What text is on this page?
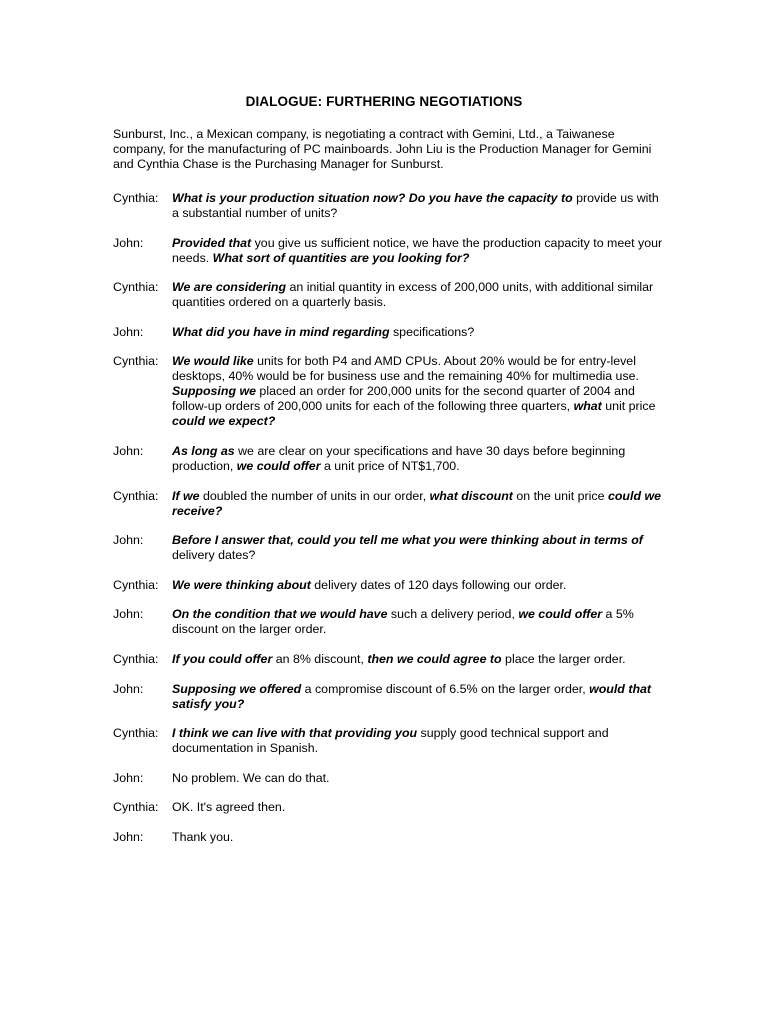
DIALOGUE: FURTHERING NEGOTIATIONS
Sunburst, Inc., a Mexican company, is negotiating a contract with Gemini, Ltd., a Taiwanese company, for the manufacturing of PC mainboards. John Liu is the Production Manager for Gemini and Cynthia Chase is the Purchasing Manager for Sunburst.
Cynthia:	What is your production situation now? Do you have the capacity to provide us with a substantial number of units?
John:	Provided that you give us sufficient notice, we have the production capacity to meet your needs. What sort of quantities are you looking for?
Cynthia:	We are considering an initial quantity in excess of 200,000 units, with additional similar quantities ordered on a quarterly basis.
John:	What did you have in mind regarding specifications?
Cynthia:	We would like units for both P4 and AMD CPUs. About 20% would be for entry-level desktops, 40% would be for business use and the remaining 40% for multimedia use. Supposing we placed an order for 200,000 units for the second quarter of 2004 and follow-up orders of 200,000 units for each of the following three quarters, what unit price could we expect?
John:	As long as we are clear on your specifications and have 30 days before beginning production, we could offer a unit price of NT$1,700.
Cynthia:	If we doubled the number of units in our order, what discount on the unit price could we receive?
John:	Before I answer that, could you tell me what you were thinking about in terms of delivery dates?
Cynthia:	We were thinking about delivery dates of 120 days following our order.
John:	On the condition that we would have such a delivery period, we could offer a 5% discount on the larger order.
Cynthia:	If you could offer an 8% discount, then we could agree to place the larger order.
John:	Supposing we offered a compromise discount of 6.5% on the larger order, would that satisfy you?
Cynthia:	I think we can live with that providing you supply good technical support and documentation in Spanish.
John:	No problem. We can do that.
Cynthia:	OK. It's agreed then.
John:	Thank you.
